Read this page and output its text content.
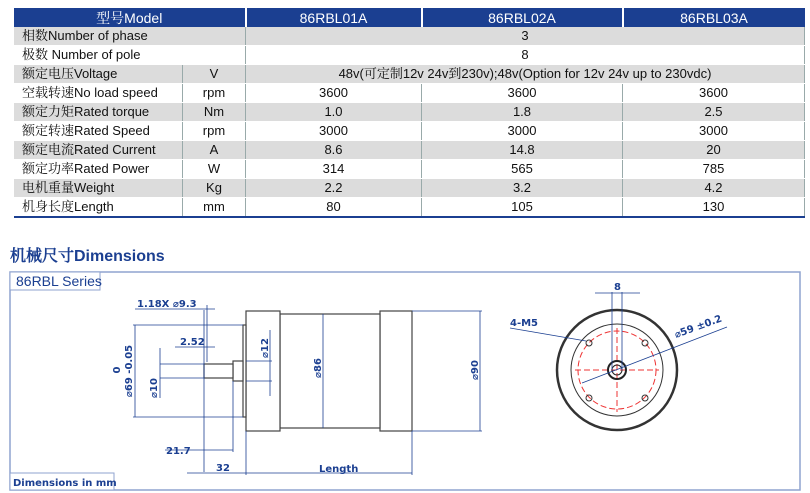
型号Model		86RBL01A	86RBL02A	86RBL03A
相数Number of phase		3		
极数 Number of pole		8		
额定电压Voltage	V	48v(可定制12v 24v到230v);48v(Option for 12v 24v up to 230vdc)		
空载转速No load speed	rpm	3600	3600	3600
额定力矩Rated torque	Nm	1.0	1.8	2.5
额定转速Rated Speed	rpm	3000	3000	3000
额定电流Rated Current	A	8.6	14.8	20
额定功率Rated Power	W	314	565	785
电机重量Weight	Kg	2.2	3.2	4.2
机身长度Length	mm	80	105	130
机械尺寸Dimensions
86RBL Series
Dimensions in mm
1.18X ⌀9.3
2.52
21.7
32	Length
0 ⌀69 -0.05 ⌀10
⌀12
⌀86	⌀90
8
4-M5	⌀59 ±0.2
